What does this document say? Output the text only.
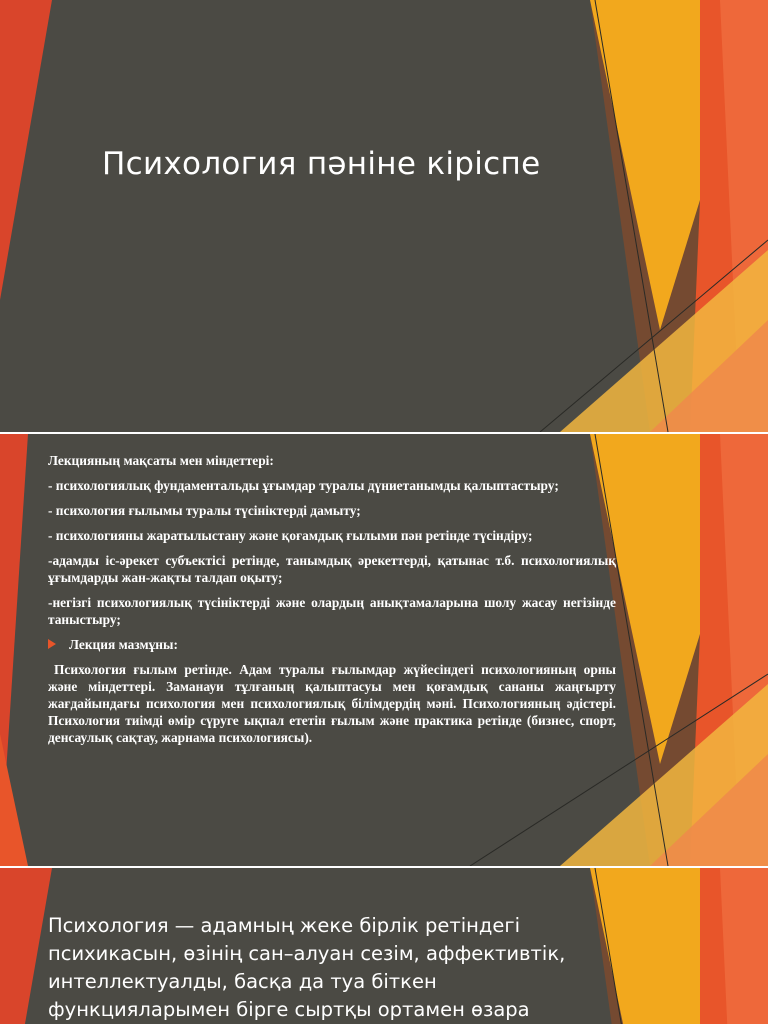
Психология пәніне кіріспе

Лекцияның мақсаты мен міндеттері:

- психологиялық фундаментальды ұғымдар туралы дүниетанымды қалыптастыру;

- психология ғылымы туралы түсініктерді дамыту;

- психологияны жаратылыстану және қоғамдық ғылыми пән ретінде түсіндіру;

-адамды іс-әрекет субъектісі ретінде, танымдық әрекеттерді, қатынас т.б. психологиялық ұғымдарды жан-жақты талдап оқыту;

-негізгі психологиялық түсініктерді және олардың анықтамаларына шолу жасау негізінде таныстыру;

Лекция мазмұны:

Психология ғылым ретінде. Адам туралы ғылымдар жүйесіндегі психологияның орны және міндеттері. Заманауи тұлғаның қалыптасуы мен қоғамдық сананы жаңғырту жағдайындағы психология мен психологиялық білімдердің мәні. Психологияның әдістері. Психология тиімді өмір сүруге ықпал ететін ғылым және практика ретінде (бизнес, спорт, денсаулық сақтау, жарнама психологиясы).

Психология — адамның жеке бірлік ретіндегі психикасын, өзінің сан–алуан сезім, аффективтік, интеллектуалды, басқа да туа біткен функцияларымен бірге сыртқы ортамен өзара
